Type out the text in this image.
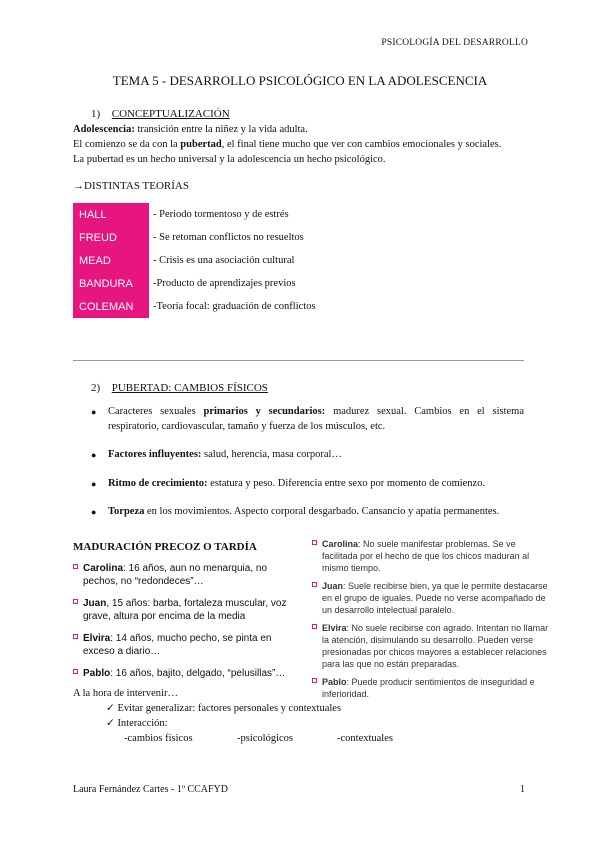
PSICOLOGÍA DEL DESARROLLO
TEMA 5 - DESARROLLO PSICOLÓGICO EN LA ADOLESCENCIA
1) CONCEPTUALIZACIÓN
Adolescencia: transición entre la niñez y la vida adulta.
El comienzo se da con la pubertad, el final tiene mucho que ver con cambios emocionales y sociales.
La pubertad es un hecho universal y la adolescencia un hecho psicológico.
→DISTINTAS TEORÍAS
HALL	- Periodo tormentoso y de estrés
FREUD	- Se retoman conflictos no resueltos
MEAD	- Crisis es una asociación cultural
BANDURA	-Producto de aprendizajes previos
COLEMAN	-Teoría focal: graduación de conflictos
2) PUBERTAD: CAMBIOS FÍSICOS
● Caracteres sexuales primarios y secundarios: madurez sexual. Cambios en el sistema respiratorio, cardiovascular, tamaño y fuerza de los músculos, etc.
● Factores influyentes: salud, herencia, masa corporal…
● Ritmo de crecimiento: estatura y peso. Diferencia entre sexo por momento de comienzo.
● Torpeza en los movimientos. Aspecto corporal desgarbado. Cansancio y apatía permanentes.
MADURACIÓN PRECOZ O TARDÍA
Carolina: 16 años, aun no menarquia, no pechos, no “redondeces”…
Juan, 15 años: barba, fortaleza muscular, voz grave, altura por encima de la media
Elvira: 14 años, mucho pecho, se pinta en exceso a diario…
Pablo: 16 años, bajito, delgado, “pelusillas”…
Carolina: No suele manifestar problemas. Se ve facilitada por el hecho de que los chicos maduran al mismo tiempo.
Juan: Suele recibirse bien, ya que le permite destacarse en el grupo de iguales. Puede no verse acompañado de un desarrollo intelectual paralelo.
Elvira: No suele recibirse con agrado. Intentan no llamar la atención, disimulando su desarrollo. Pueden verse presionadas por chicos mayores a establecer relaciones para las que no están preparadas.
Pablo: Puede producir sentimientos de inseguridad e inferioridad.
A la hora de intervenir…
✓ Evitar generalizar: factores personales y contextuales
✓ Interacción:
-cambios físicos	-psicológicos	-contextuales
Laura Fernández Cartes - 1º CCAFYD	1
